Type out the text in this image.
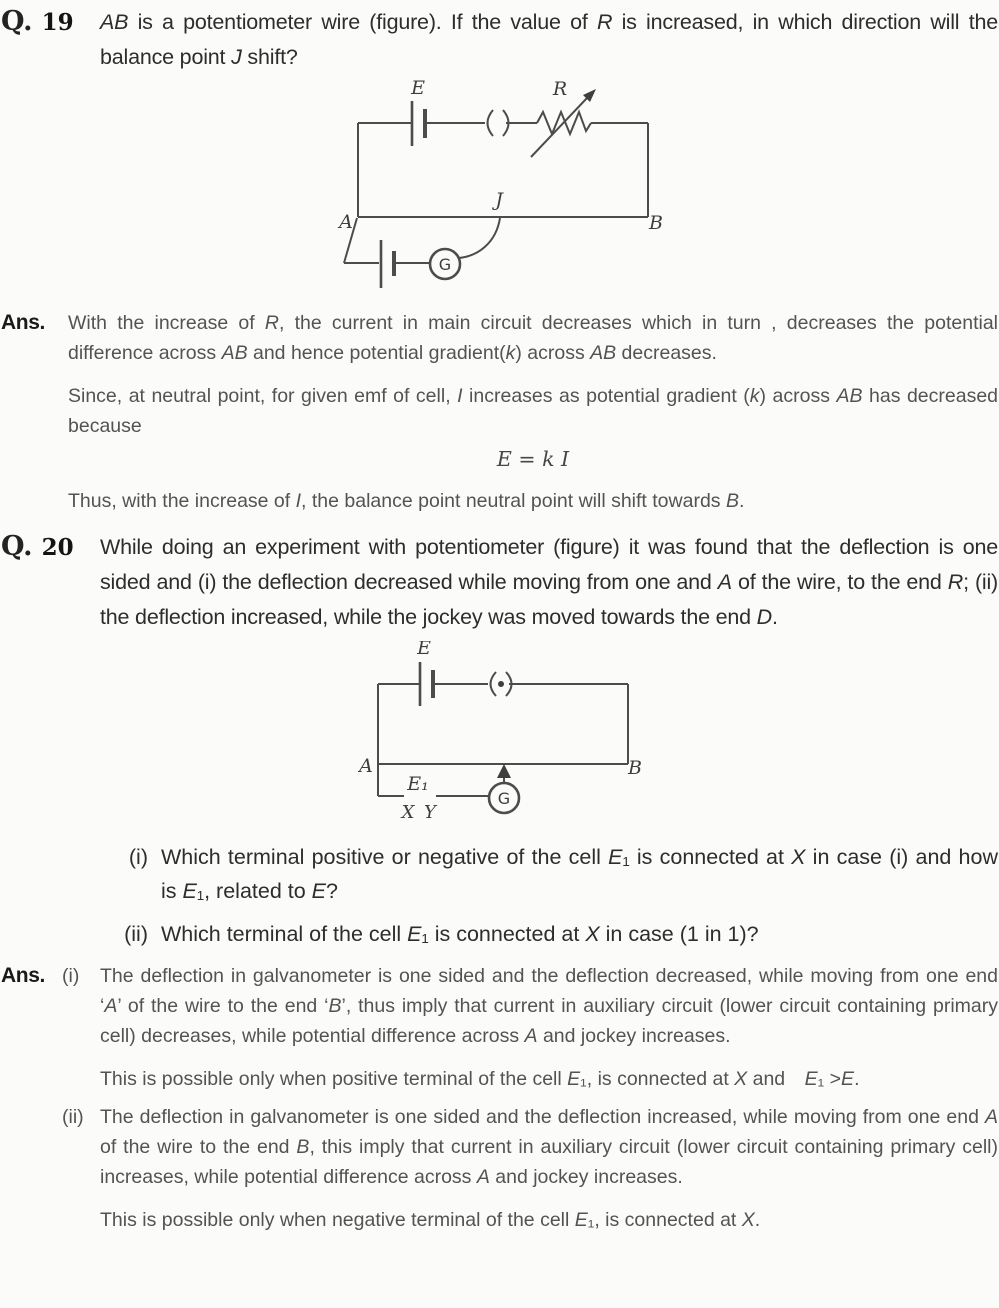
Q. 19 AB is a potentiometer wire (figure). If the value of R is increased, in which direction will the balance point J shift?
G
E	R
A	B
J
Ans.	With the increase of R, the current in main circuit decreases which in turn , decreases the potential difference across AB and hence potential gradient(k) across AB decreases.

Since, at neutral point, for given emf of cell, I increases as potential gradient (k) across AB has decreased because

E = k I

Thus, with the increase of I, the balance point neutral point will shift towards B.

Q. 20 While doing an experiment with potentiometer (figure) it was found that the deflection is one sided and (i) the deflection decreased while moving from one and A of the wire, to the end R; (ii) the deflection increased, while the jockey was moved towards the end D.
G
E
A	B
E₁
X Y
(i) Which terminal positive or negative of the cell E₁ is connected at X in case (i) and how is E₁, related to E?
(ii) Which terminal of the cell E₁ is connected at X in case (1 in 1)?
Ans. (i)	The deflection in galvanometer is one sided and the deflection decreased, while moving from one end ‘A’ of the wire to the end ‘B’, thus imply that current in auxiliary circuit (lower circuit containing primary cell) decreases, while potential difference across A and jockey increases.

This is possible only when positive terminal of the cell E₁, is connected at X and  E₁ >E.

(ii) The deflection in galvanometer is one sided and the deflection increased, while moving from one end A of the wire to the end B, this imply that current in auxiliary circuit (lower circuit containing primary cell) increases, while potential difference across A and jockey increases.

This is possible only when negative terminal of the cell E₁, is connected at X.
